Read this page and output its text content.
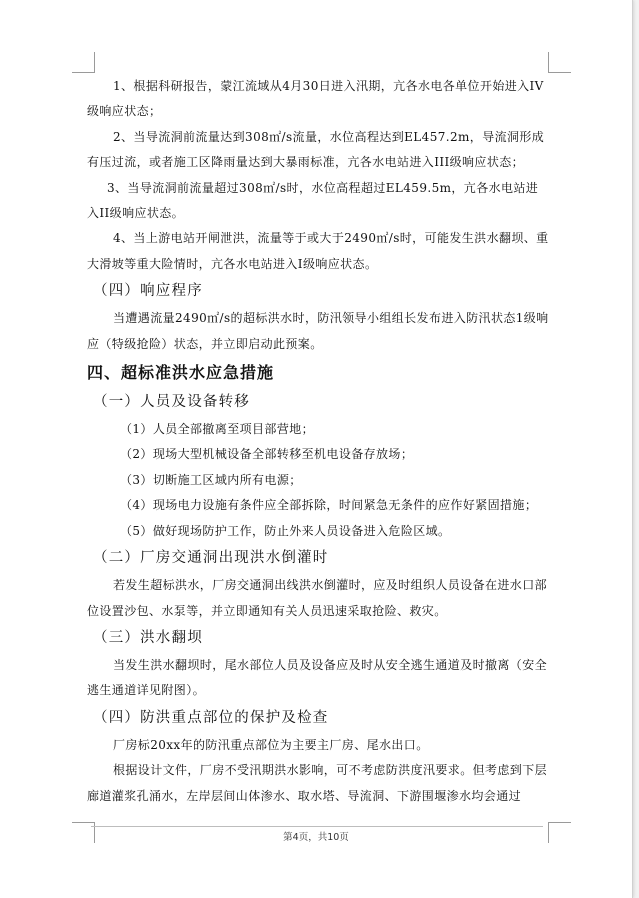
1、根据科研报告，蒙江流域从4月30日进入汛期，亢各水电各单位开始进入IV级响应状态；

2、当导流洞前流量达到308㎡/s流量，水位高程达到EL457.2m，导流洞形成有压过流，或者施工区降雨量达到大暴雨标准，亢各水电站进入III级响应状态；

3、当导流洞前流量超过308㎡/s时，水位高程超过EL459.5m，亢各水电站进入II级响应状态。

4、当上游电站开闸泄洪，流量等于或大于2490㎡/s时，可能发生洪水翻坝、重大滑坡等重大险情时，亢各水电站进入I级响应状态。

（四）响应程序

当遭遇流量2490㎡/s的超标洪水时，防汛领导小组组长发布进入防汛状态1级响应（特级抢险）状态，并立即启动此预案。

四、超标准洪水应急措施
（一）人员及设备转移

（1）人员全部撤离至项目部营地；

（2）现场大型机械设备全部转移至机电设备存放场；

（3）切断施工区域内所有电源；

（4）现场电力设施有条件应全部拆除，时间紧急无条件的应作好紧固措施；

（5）做好现场防护工作，防止外来人员设备进入危险区域。

（二）厂房交通洞出现洪水倒灌时

若发生超标洪水，厂房交通洞出线洪水倒灌时，应及时组织人员设备在进水口部位设置沙包、水泵等，并立即通知有关人员迅速采取抢险、救灾。

（三）洪水翻坝

当发生洪水翻坝时，尾水部位人员及设备应及时从安全逃生通道及时撤离（安全逃生通道详见附图）。

（四）防洪重点部位的保护及检查

厂房标20xx年的防汛重点部位为主要主厂房、尾水出口。

根据设计文件，厂房不受汛期洪水影响，可不考虑防洪度汛要求。但考虑到下层廊道灌浆孔涌水，左岸层间山体渗水、取水塔、导流洞、下游围堰渗水均会通过

第4页，共10页
